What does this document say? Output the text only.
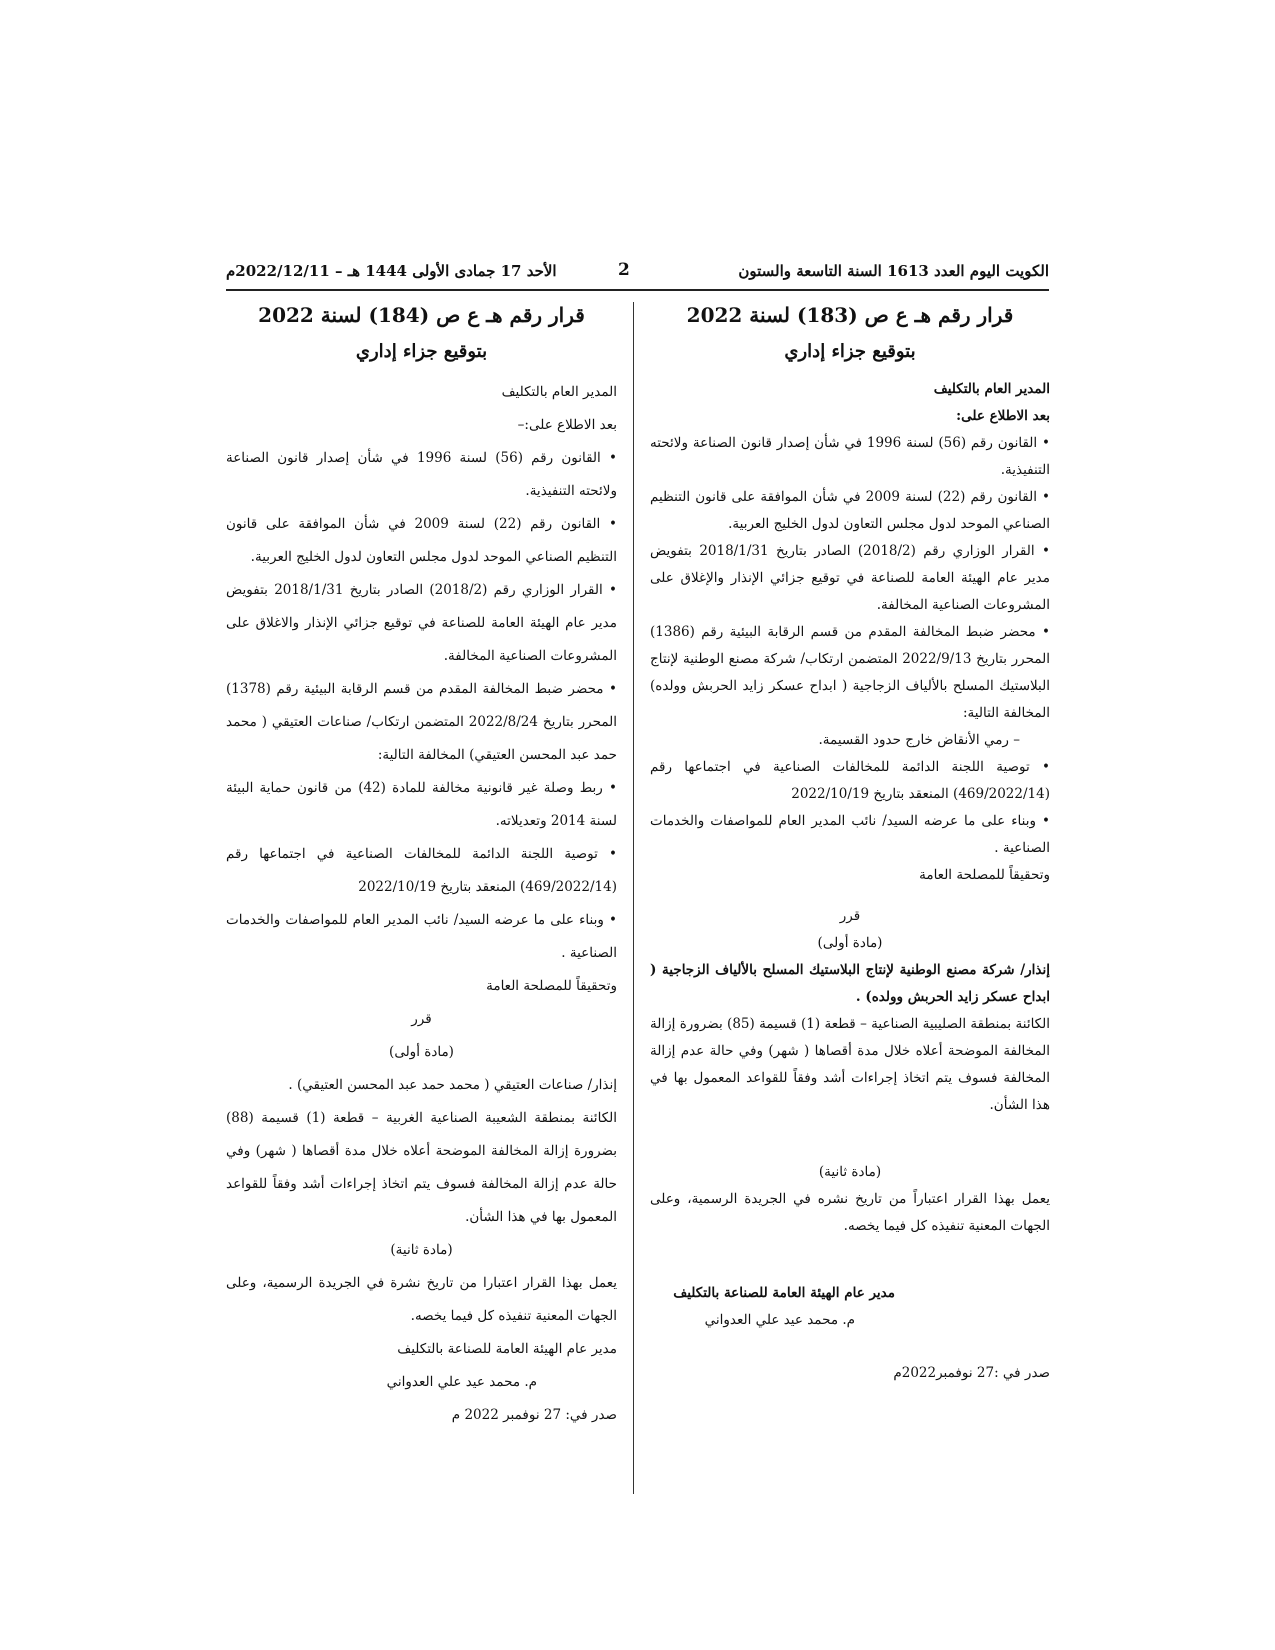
الكويت اليوم العدد 1613 السنة التاسعة والستون
2
الأحد 17 جمادى الأولى 1444 هـ – 2022/12/11م
قرار رقم هـ ع ص (183) لسنة 2022
بتوقيع جزاء إداري

المدير العام بالتكليف

بعد الاطلاع على:

• القانون رقم (56) لسنة 1996 في شأن إصدار قانون الصناعة ولائحته التنفيذية.

• القانون رقم (22) لسنة 2009 في شأن الموافقة على قانون التنظيم الصناعي الموحد لدول مجلس التعاون لدول الخليج العربية.

• القرار الوزاري رقم (2018/2) الصادر بتاريخ 2018/1/31 بتفويض مدير عام الهيئة العامة للصناعة في توقيع جزائي الإنذار والإغلاق على المشروعات الصناعية المخالفة.

• محضر ضبط المخالفة المقدم من قسم الرقابة البيئية رقم (1386) المحرر بتاريخ 2022/9/13 المتضمن ارتكاب/ شركة مصنع الوطنية لإنتاج البلاستيك المسلح بالألياف الزجاجية ( ابداح عسكر زايد الحربش وولده) المخالفة التالية:

– رمي الأنقاض خارج حدود القسيمة.

• توصية اللجنة الدائمة للمخالفات الصناعية في اجتماعها رقم (469/2022/14) المنعقد بتاريخ 2022/10/19

• وبناء على ما عرضه السيد/ نائب المدير العام للمواصفات والخدمات الصناعية .

وتحقيقاً للمصلحة العامة

قرر

(مادة أولى)

إنذار/ شركة مصنع الوطنية لإنتاج البلاستيك المسلح بالألياف الزجاجية ( ابداح عسكر زايد الحربش وولده) .

الكائنة بمنطقة الصليبية الصناعية – قطعة (1) قسيمة (85) بضرورة إزالة المخالفة الموضحة أعلاه خلال مدة أقصاها ( شهر) وفي حالة عدم إزالة المخالفة فسوف يتم اتخاذ إجراءات أشد وفقاً للقواعد المعمول بها في هذا الشأن.

(مادة ثانية)

يعمل بهذا القرار اعتباراً من تاريخ نشره في الجريدة الرسمية، وعلى الجهات المعنية تنفيذه كل فيما يخصه.

مدير عام الهيئة العامة للصناعة بالتكليف

م. محمد عيد علي العدواني

صدر في :27 نوفمبر2022م

قرار رقم هـ ع ص (184) لسنة 2022
بتوقيع جزاء إداري

المدير العام بالتكليف

بعد الاطلاع على:–

• القانون رقم (56) لسنة 1996 في شأن إصدار قانون الصناعة ولائحته التنفيذية.

• القانون رقم (22) لسنة 2009 في شأن الموافقة على قانون التنظيم الصناعي الموحد لدول مجلس التعاون لدول الخليج العربية.

• القرار الوزاري رقم (2018/2) الصادر بتاريخ 2018/1/31 بتفويض مدير عام الهيئة العامة للصناعة في توقيع جزائي الإنذار والاغلاق على المشروعات الصناعية المخالفة.

• محضر ضبط المخالفة المقدم من قسم الرقابة البيئية رقم (1378) المحرر بتاريخ 2022/8/24 المتضمن ارتكاب/ صناعات العتيقي ( محمد حمد عبد المحسن العتيقي) المخالفة التالية:

• ربط وصلة غير قانونية مخالفة للمادة (42) من قانون حماية البيئة لسنة 2014 وتعديلاته.

• توصية اللجنة الدائمة للمخالفات الصناعية في اجتماعها رقم (469/2022/14) المنعقد بتاريخ 2022/10/19

• وبناء على ما عرضه السيد/ نائب المدير العام للمواصفات والخدمات الصناعية .

وتحقيقاً للمصلحة العامة

قرر

(مادة أولى)

إنذار/ صناعات العتيقي ( محمد حمد عبد المحسن العتيقي) .

الكائنة بمنطقة الشعيبة الصناعية الغربية – قطعة (1) قسيمة (88) بضرورة إزالة المخالفة الموضحة أعلاه خلال مدة أقصاها ( شهر) وفي حالة عدم إزالة المخالفة فسوف يتم اتخاذ إجراءات أشد وفقاً للقواعد المعمول بها في هذا الشأن.

(مادة ثانية)

يعمل بهذا القرار اعتبارا من تاريخ نشرة في الجريدة الرسمية، وعلى الجهات المعنية تنفيذه كل فيما يخصه.

مدير عام الهيئة العامة للصناعة بالتكليف

م. محمد عيد علي العدواني

صدر في: 27 نوفمبر 2022 م
